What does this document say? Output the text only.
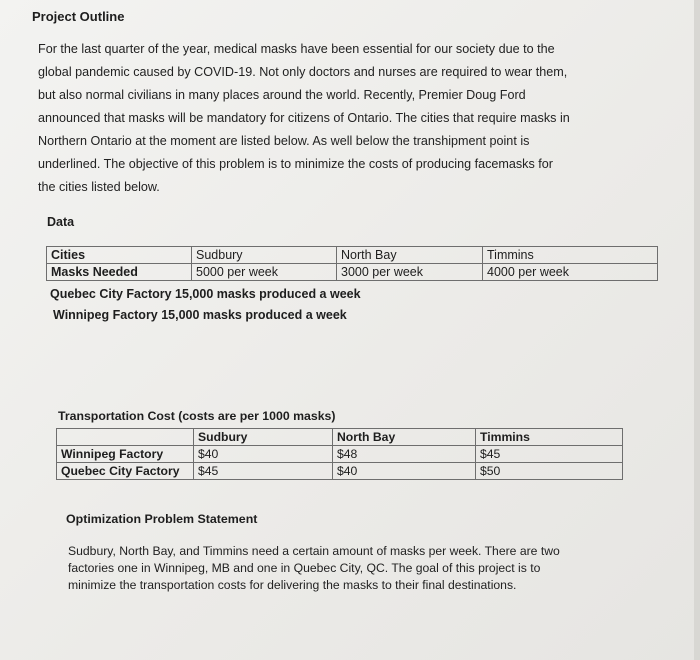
Project Outline
For the last quarter of the year, medical masks have been essential for our society due to the
global pandemic caused by COVID-19. Not only doctors and nurses are required to wear them,
but also normal civilians in many places around the world. Recently, Premier Doug Ford
announced that masks will be mandatory for citizens of Ontario. The cities that require masks in
Northern Ontario at the moment are listed below. As well below the transhipment point is
underlined. The objective of this problem is to minimize the costs of producing facemasks for
the cities listed below.
Data
Cities	Sudbury	North Bay	Timmins
Masks Needed	5000 per week	3000 per week	4000 per week
Quebec City Factory 15,000 masks produced a week
Winnipeg Factory 15,000 masks produced a week
Transportation Cost (costs are per 1000 masks)
	Sudbury	North Bay	Timmins
Winnipeg Factory	$40	$48	$45
Quebec City Factory	$45	$40	$50
Optimization Problem Statement
Sudbury, North Bay, and Timmins need a certain amount of masks per week. There are two
factories one in Winnipeg, MB and one in Quebec City, QC. The goal of this project is to
minimize the transportation costs for delivering the masks to their final destinations.
